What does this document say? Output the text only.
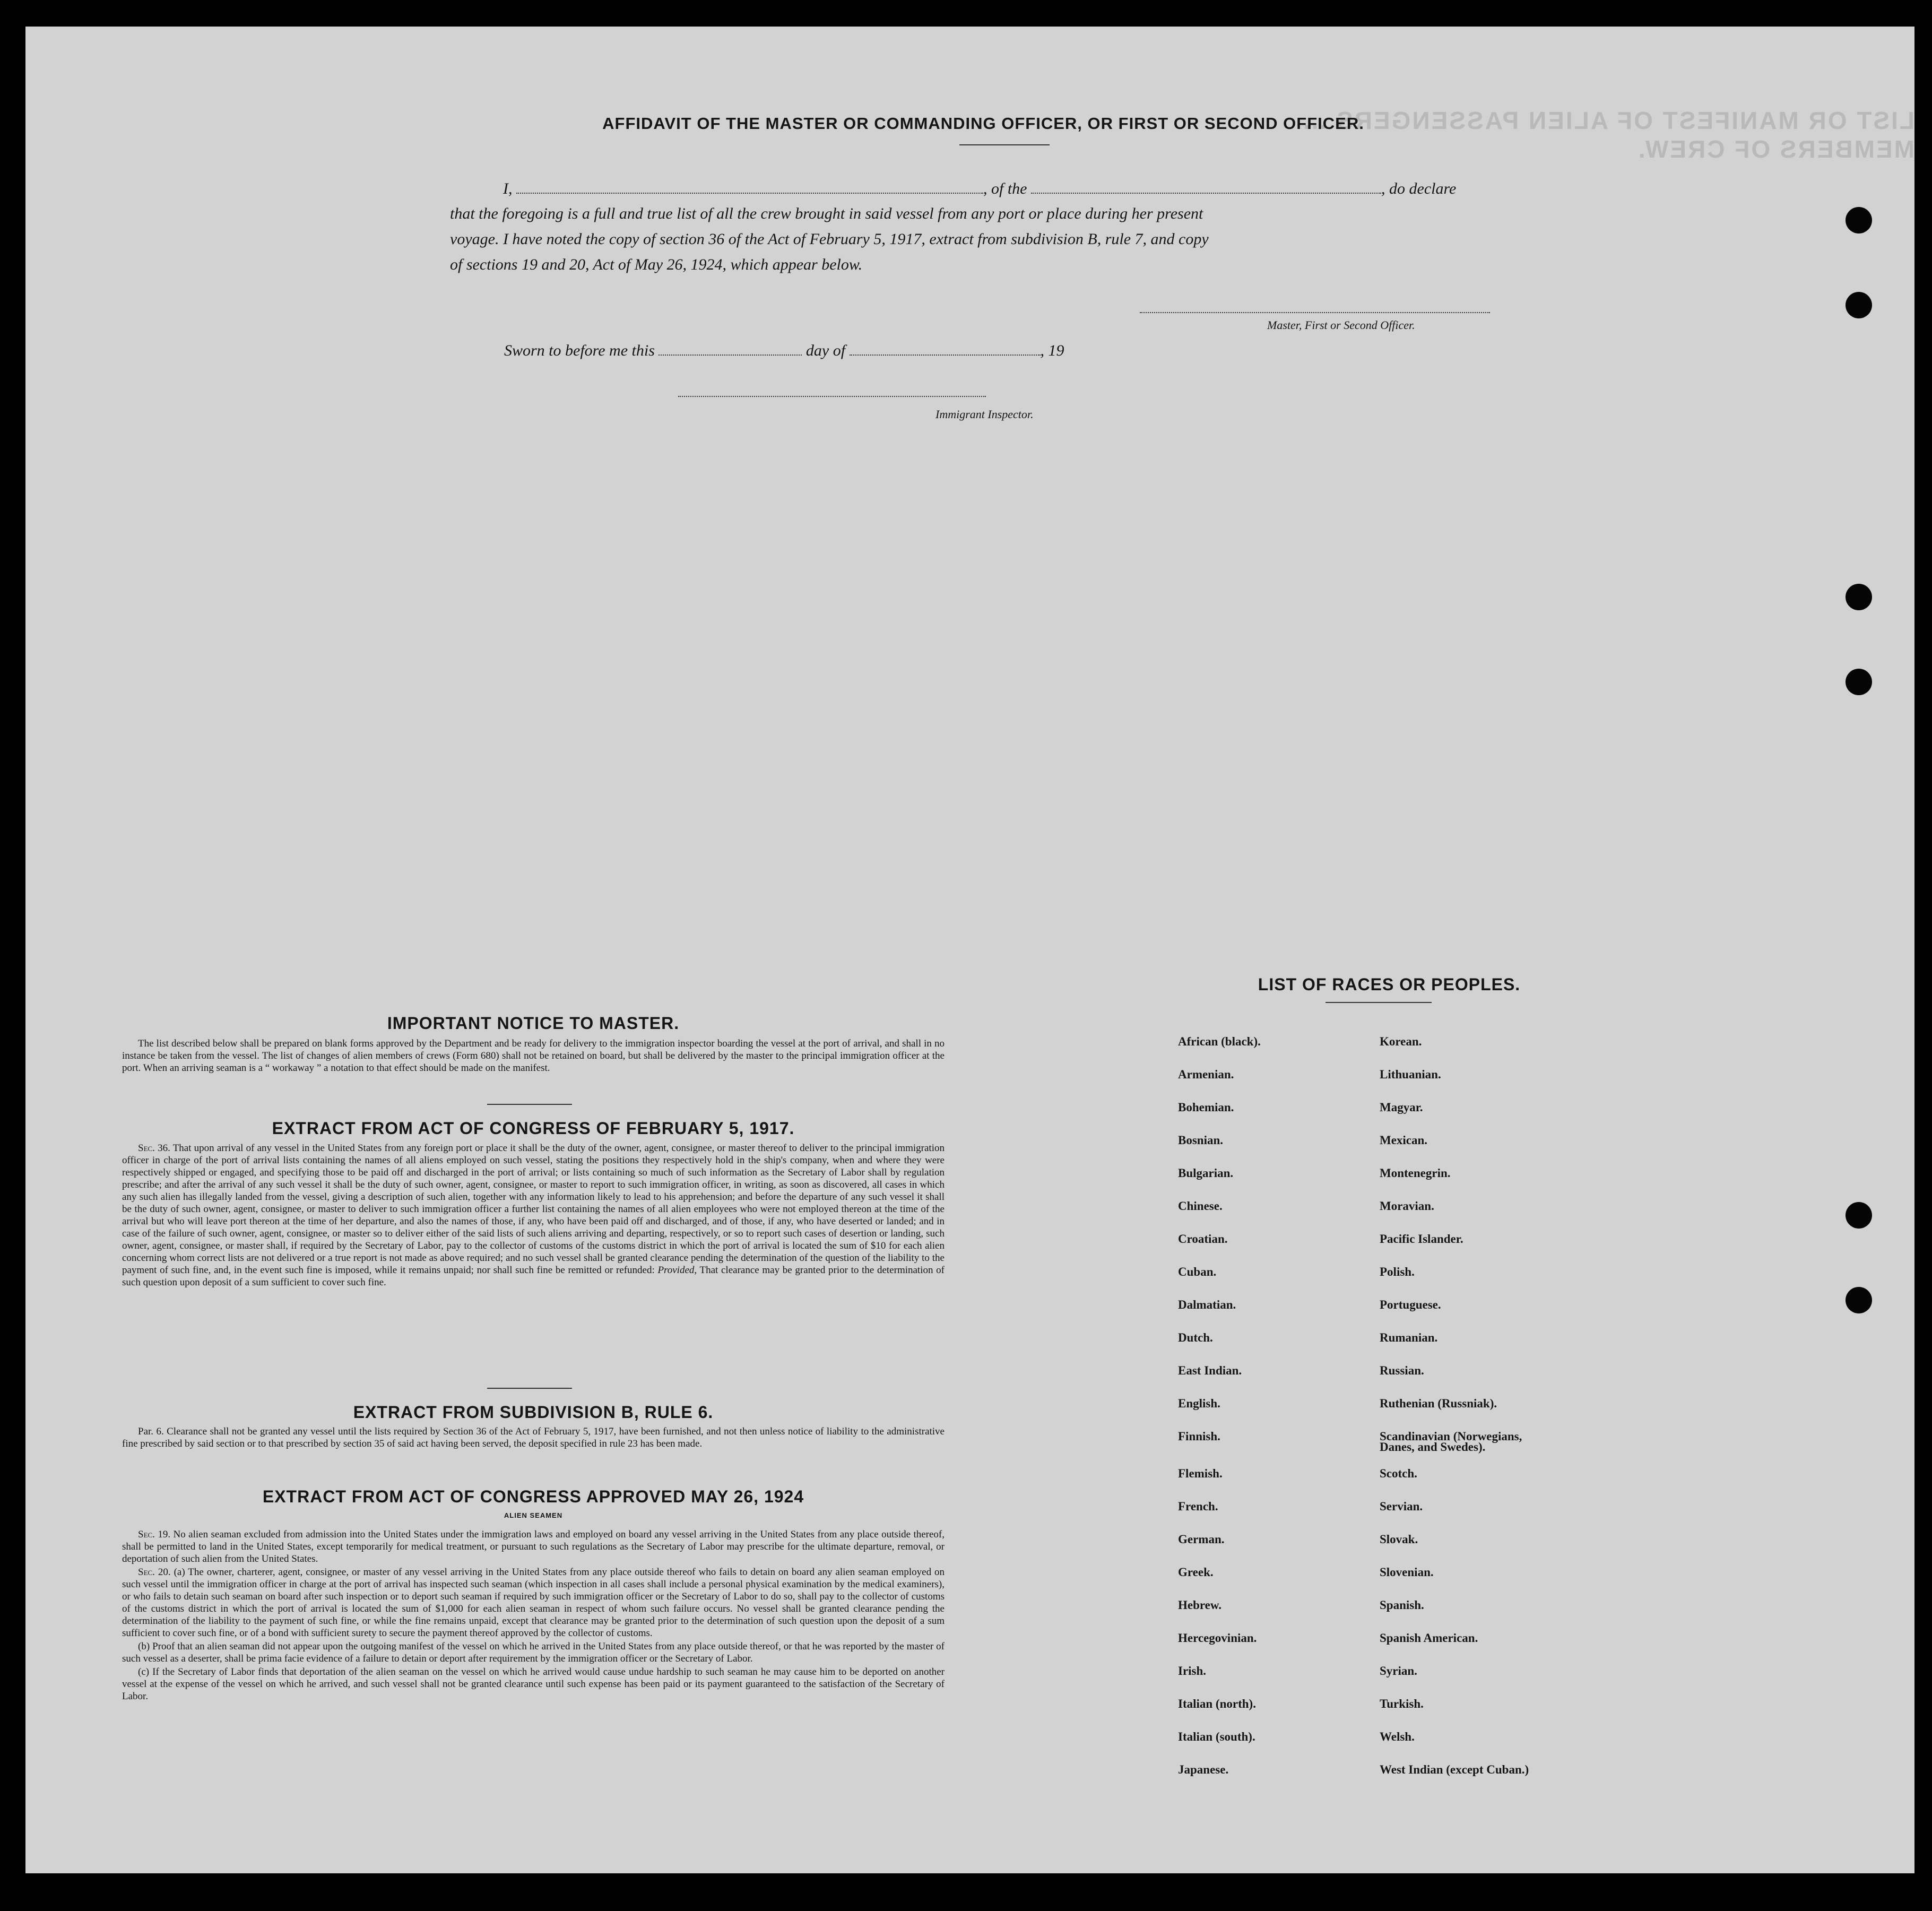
LIST OR MANIFEST OF ALIEN PASSENGERS ... MEMBERS OF CREW.
AFFIDAVIT OF THE MASTER OR COMMANDING OFFICER, OR FIRST OR SECOND OFFICER.
I,	, of the	, do declare
that the foregoing is a full and true list of all the crew brought in said vessel from any port or place during her present
voyage. I have noted the copy of section 36 of the Act of February 5, 1917, extract from subdivision B, rule 7, and copy
of sections 19 and 20, Act of May 26, 1924, which appear below.
Master, First or Second Officer.
Sworn to before me this	day of	, 19
Immigrant Inspector.
IMPORTANT NOTICE TO MASTER.

The list described below shall be prepared on blank forms approved by the Department and be ready for delivery to the immigration inspector boarding the vessel at the port of arrival, and shall in no instance be taken from the vessel. The list of changes of alien members of crews (Form 680) shall not be retained on board, but shall be delivered by the master to the principal immigration officer at the port. When an arriving seaman is a “ workaway ” a notation to that effect should be made on the manifest.

EXTRACT FROM ACT OF CONGRESS OF FEBRUARY 5, 1917.

Sec. 36. That upon arrival of any vessel in the United States from any foreign port or place it shall be the duty of the owner, agent, consignee, or master thereof to deliver to the principal immigration officer in charge of the port of arrival lists containing the names of all aliens employed on such vessel, stating the positions they respectively hold in the ship's company, when and where they were respectively shipped or engaged, and specifying those to be paid off and discharged in the port of arrival; or lists containing so much of such information as the Secretary of Labor shall by regulation prescribe; and after the arrival of any such vessel it shall be the duty of such owner, agent, consignee, or master to report to such immigration officer, in writing, as soon as discovered, all cases in which any such alien has illegally landed from the vessel, giving a description of such alien, together with any information likely to lead to his apprehension; and before the departure of any such vessel it shall be the duty of such owner, agent, consignee, or master to deliver to such immigration officer a further list containing the names of all alien employees who were not employed thereon at the time of the arrival but who will leave port thereon at the time of her departure, and also the names of those, if any, who have been paid off and discharged, and of those, if any, who have deserted or landed; and in case of the failure of such owner, agent, consignee, or master so to deliver either of the said lists of such aliens arriving and departing, respectively, or so to report such cases of desertion or landing, such owner, agent, consignee, or master shall, if required by the Secretary of Labor, pay to the collector of customs of the customs district in which the port of arrival is located the sum of $10 for each alien concerning whom correct lists are not delivered or a true report is not made as above required; and no such vessel shall be granted clearance pending the determination of the question of the liability to the payment of such fine, and, in the event such fine is imposed, while it remains unpaid; nor shall such fine be remitted or refunded: Provided, That clearance may be granted prior to the determination of such question upon deposit of a sum sufficient to cover such fine.

EXTRACT FROM SUBDIVISION B, RULE 6.

Par. 6. Clearance shall not be granted any vessel until the lists required by Section 36 of the Act of February 5, 1917, have been furnished, and not then unless notice of liability to the administrative fine prescribed by said section or to that prescribed by section 35 of said act having been served, the deposit specified in rule 23 has been made.

EXTRACT FROM ACT OF CONGRESS APPROVED MAY 26, 1924
ALIEN SEAMEN

Sec. 19. No alien seaman excluded from admission into the United States under the immigration laws and employed on board any vessel arriving in the United States from any place outside thereof, shall be permitted to land in the United States, except temporarily for medical treatment, or pursuant to such regulations as the Secretary of Labor may prescribe for the ultimate departure, removal, or deportation of such alien from the United States.

Sec. 20. (a) The owner, charterer, agent, consignee, or master of any vessel arriving in the United States from any place outside thereof who fails to detain on board any alien seaman employed on such vessel until the immigration officer in charge at the port of arrival has inspected such seaman (which inspection in all cases shall include a personal physical examination by the medical examiners), or who fails to detain such seaman on board after such inspection or to deport such seaman if required by such immigration officer or the Secretary of Labor to do so, shall pay to the collector of customs of the customs district in which the port of arrival is located the sum of $1,000 for each alien seaman in respect of whom such failure occurs. No vessel shall be granted clearance pending the determination of the liability to the payment of such fine, or while the fine remains unpaid, except that clearance may be granted prior to the determination of such question upon the deposit of a sum sufficient to cover such fine, or of a bond with sufficient surety to secure the payment thereof approved by the collector of customs.

(b) Proof that an alien seaman did not appear upon the outgoing manifest of the vessel on which he arrived in the United States from any place outside thereof, or that he was reported by the master of such vessel as a deserter, shall be prima facie evidence of a failure to detain or deport after requirement by the immigration officer or the Secretary of Labor.

(c) If the Secretary of Labor finds that deportation of the alien seaman on the vessel on which he arrived would cause undue hardship to such seaman he may cause him to be deported on another vessel at the expense of the vessel on which he arrived, and such vessel shall not be granted clearance until such expense has been paid or its payment guaranteed to the satisfaction of the Secretary of Labor.

LIST OF RACES OR PEOPLES.
African (black).
Armenian.
Bohemian.
Bosnian.
Bulgarian.
Chinese.
Croatian.
Cuban.
Dalmatian.
Dutch.
East Indian.
English.
Finnish.
Flemish.
French.
German.
Greek.
Hebrew.
Hercegovinian.
Irish.
Italian (north).
Italian (south).
Japanese.
Korean.
Lithuanian.
Magyar.
Mexican.
Montenegrin.
Moravian.
Pacific Islander.
Polish.
Portuguese.
Rumanian.
Russian.
Ruthenian (Russniak).
Scandinavian (Norwegians,
Scotch.
Servian.
Slovak.
Slovenian.
Spanish.
Spanish American.
Syrian.
Turkish.
Welsh.
West Indian (except Cuban.)
Danes, and Swedes).
